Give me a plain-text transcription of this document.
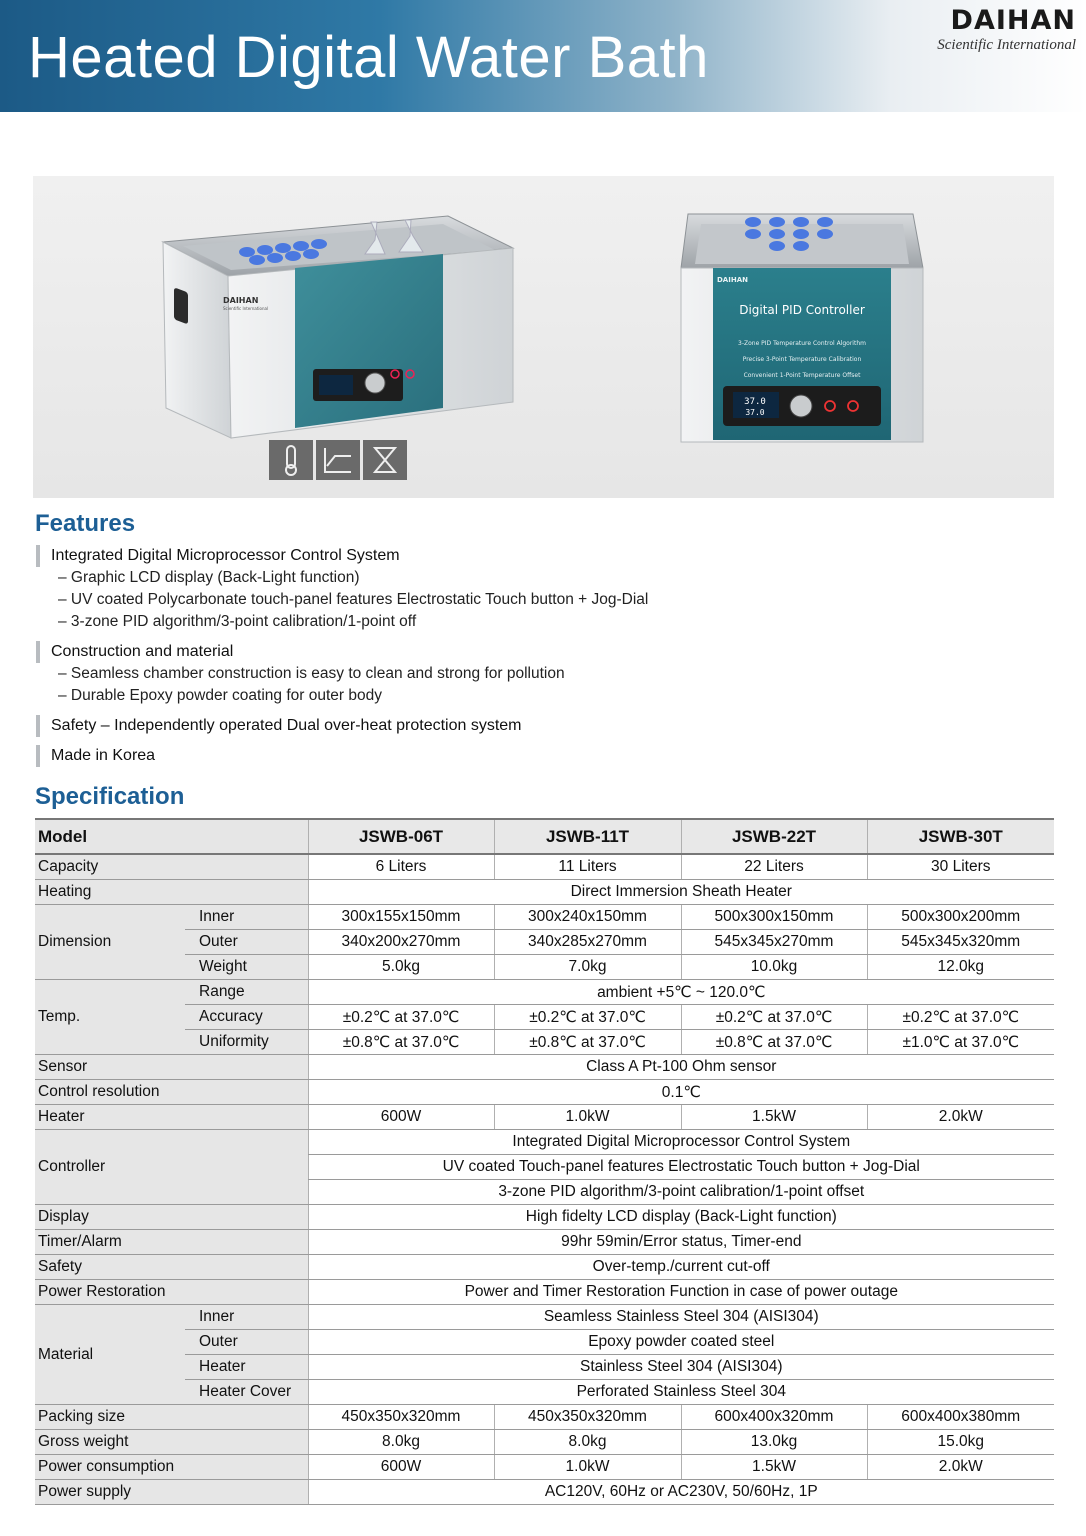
Heated Digital Water Bath
DAIHAN
Scientific International
DAIHAN
Scientific International
DAIHAN
Digital PID Controller
3-Zone PID Temperature Control Algorithm
Precise 3-Point Temperature Calibration
Convenient 1-Point Temperature Offset
37.0
37.0
Features
Integrated Digital Microprocessor Control System
– Graphic LCD display (Back-Light function)
– UV coated Polycarbonate touch-panel features Electrostatic Touch button + Jog-Dial
– 3-zone PID algorithm/3-point calibration/1-point off
Construction and material
– Seamless chamber construction is easy to clean and strong for pollution
– Durable Epoxy powder coating for outer body
Safety – Independently operated Dual over-heat protection system
Made in Korea
Specification
Model		JSWB-06T	JSWB-11T	JSWB-22T	JSWB-30T
Capacity		6 Liters	11 Liters	22 Liters	30 Liters
Heating		Direct Immersion Sheath Heater			
Dimension	Inner	300x155x150mm	300x240x150mm	500x300x150mm	500x300x200mm
	Outer	340x200x270mm	340x285x270mm	545x345x270mm	545x345x320mm
	Weight	5.0kg	7.0kg	10.0kg	12.0kg
Temp.	Range	ambient +5℃ ~ 120.0℃			
	Accuracy	±0.2℃ at 37.0℃	±0.2℃ at 37.0℃	±0.2℃ at 37.0℃	±0.2℃ at 37.0℃
	Uniformity	±0.8℃ at 37.0℃	±0.8℃ at 37.0℃	±0.8℃ at 37.0℃	±1.0℃ at 37.0℃
Sensor		Class A Pt-100 Ohm sensor			
Control resolution		0.1℃			
Heater		600W	1.0kW	1.5kW	2.0kW
Controller		Integrated Digital Microprocessor Control System			
		UV coated Touch-panel features Electrostatic Touch button + Jog-Dial			
		3-zone PID algorithm/3-point calibration/1-point offset			
Display		High fidelty LCD display (Back-Light function)			
Timer/Alarm		99hr 59min/Error status, Timer-end			
Safety		Over-temp./current cut-off			
Power Restoration		Power and Timer Restoration Function in case of power outage			
Material	Inner	Seamless Stainless Steel 304 (AISI304)			
	Outer	Epoxy powder coated steel			
	Heater	Stainless Steel 304 (AISI304)			
	Heater Cover	Perforated Stainless Steel 304			
Packing size		450x350x320mm	450x350x320mm	600x400x320mm	600x400x380mm
Gross weight		8.0kg	8.0kg	13.0kg	15.0kg
Power consumption		600W	1.0kW	1.5kW	2.0kW
Power supply		AC120V, 60Hz or AC230V, 50/60Hz, 1P			
